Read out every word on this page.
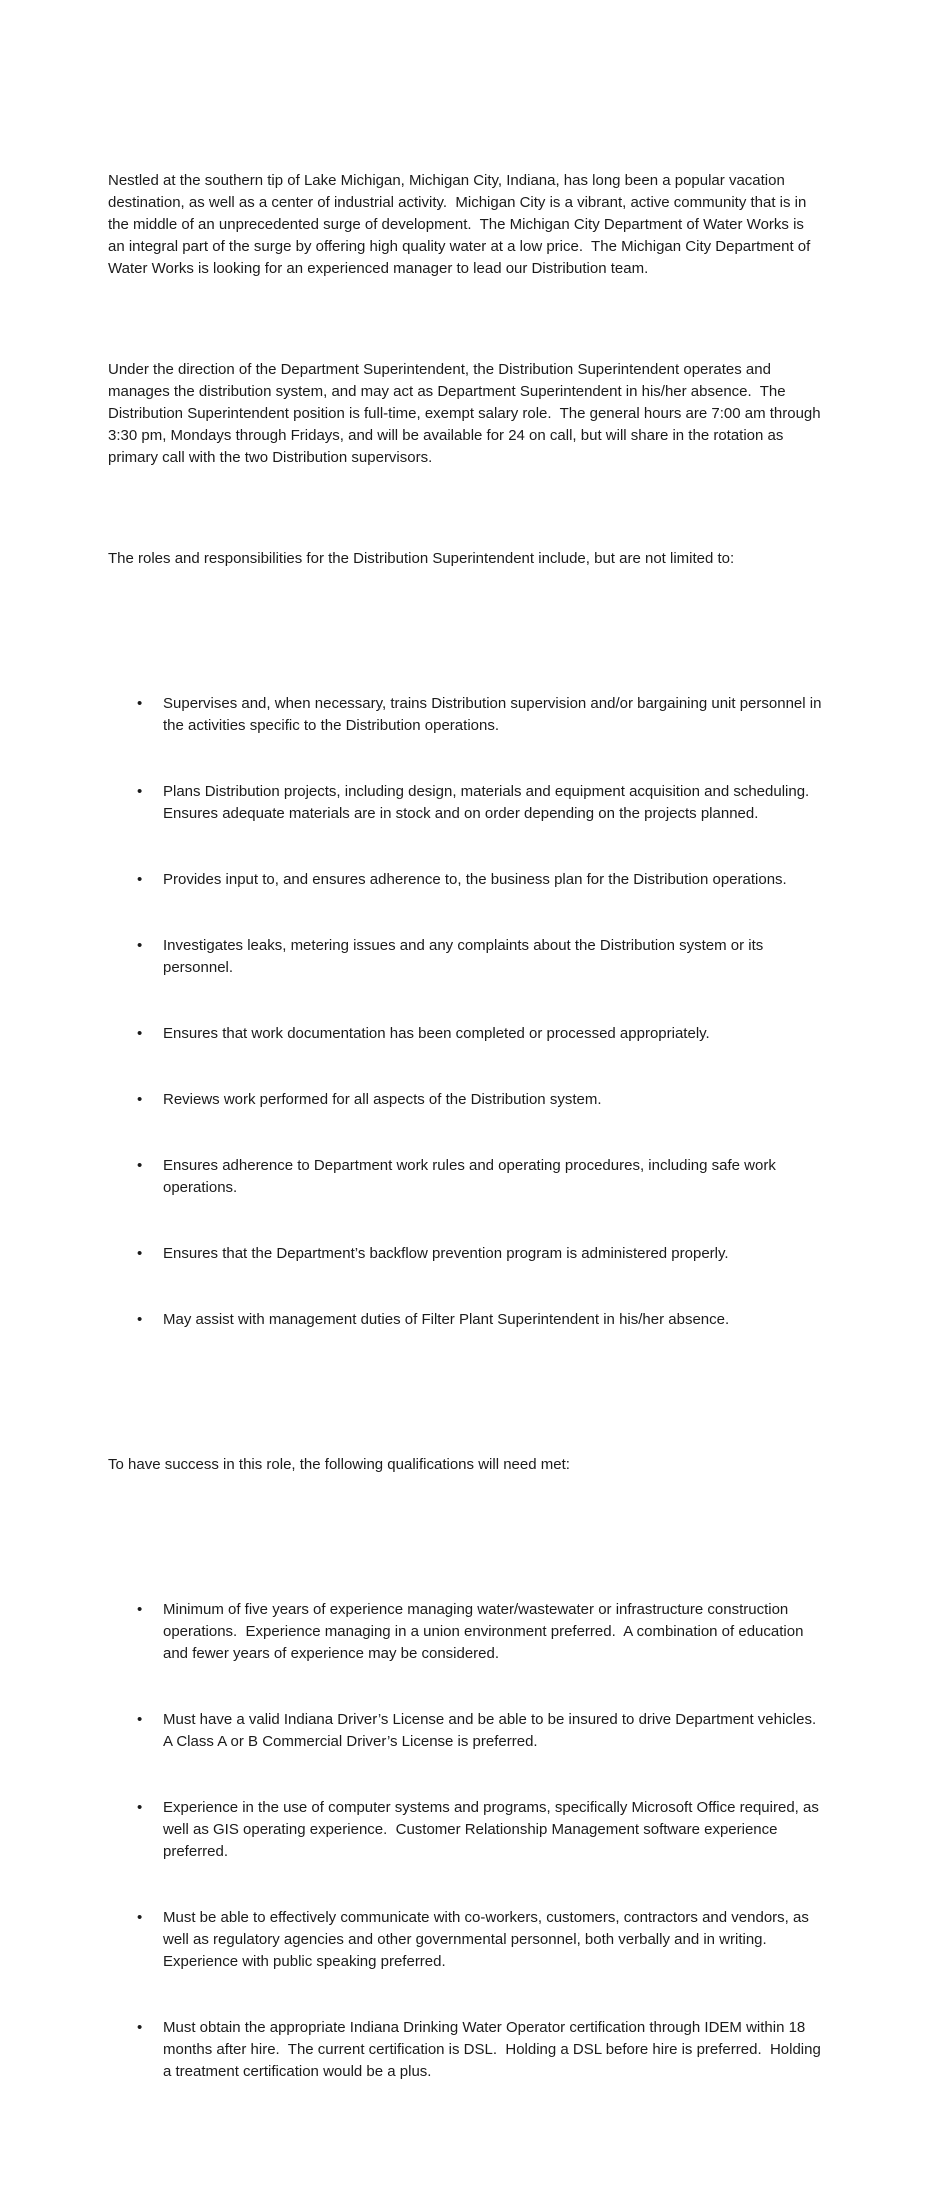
Nestled at the southern tip of Lake Michigan, Michigan City, Indiana, has long been a popular vacation destination, as well as a center of industrial activity.  Michigan City is a vibrant, active community that is in the middle of an unprecedented surge of development.  The Michigan City Department of Water Works is an integral part of the surge by offering high quality water at a low price.  The Michigan City Department of Water Works is looking for an experienced manager to lead our Distribution team.

Under the direction of the Department Superintendent, the Distribution Superintendent operates and manages the distribution system, and may act as Department Superintendent in his/her absence.  The Distribution Superintendent position is full-time, exempt salary role.  The general hours are 7:00 am through 3:30 pm, Mondays through Fridays, and will be available for 24 on call, but will share in the rotation as primary call with the two Distribution supervisors.

The roles and responsibilities for the Distribution Superintendent include, but are not limited to:

• Supervises and, when necessary, trains Distribution supervision and/or bargaining unit personnel in the activities specific to the Distribution operations.

• Plans Distribution projects, including design, materials and equipment acquisition and scheduling. Ensures adequate materials are in stock and on order depending on the projects planned.

• Provides input to, and ensures adherence to, the business plan for the Distribution operations.

• Investigates leaks, metering issues and any complaints about the Distribution system or its personnel.

• Ensures that work documentation has been completed or processed appropriately.

• Reviews work performed for all aspects of the Distribution system.

• Ensures adherence to Department work rules and operating procedures, including safe work operations.

• Ensures that the Department’s backflow prevention program is administered properly.

• May assist with management duties of Filter Plant Superintendent in his/her absence.

To have success in this role, the following qualifications will need met:

• Minimum of five years of experience managing water/wastewater or infrastructure construction operations.  Experience managing in a union environment preferred.  A combination of education and fewer years of experience may be considered.

• Must have a valid Indiana Driver’s License and be able to be insured to drive Department vehicles.  A Class A or B Commercial Driver’s License is preferred.

• Experience in the use of computer systems and programs, specifically Microsoft Office required, as well as GIS operating experience.  Customer Relationship Management software experience preferred.

• Must be able to effectively communicate with co-workers, customers, contractors and vendors, as well as regulatory agencies and other governmental personnel, both verbally and in writing.  Experience with public speaking preferred.

• Must obtain the appropriate Indiana Drinking Water Operator certification through IDEM within 18 months after hire.  The current certification is DSL.  Holding a DSL before hire is preferred.  Holding a treatment certification would be a plus.
